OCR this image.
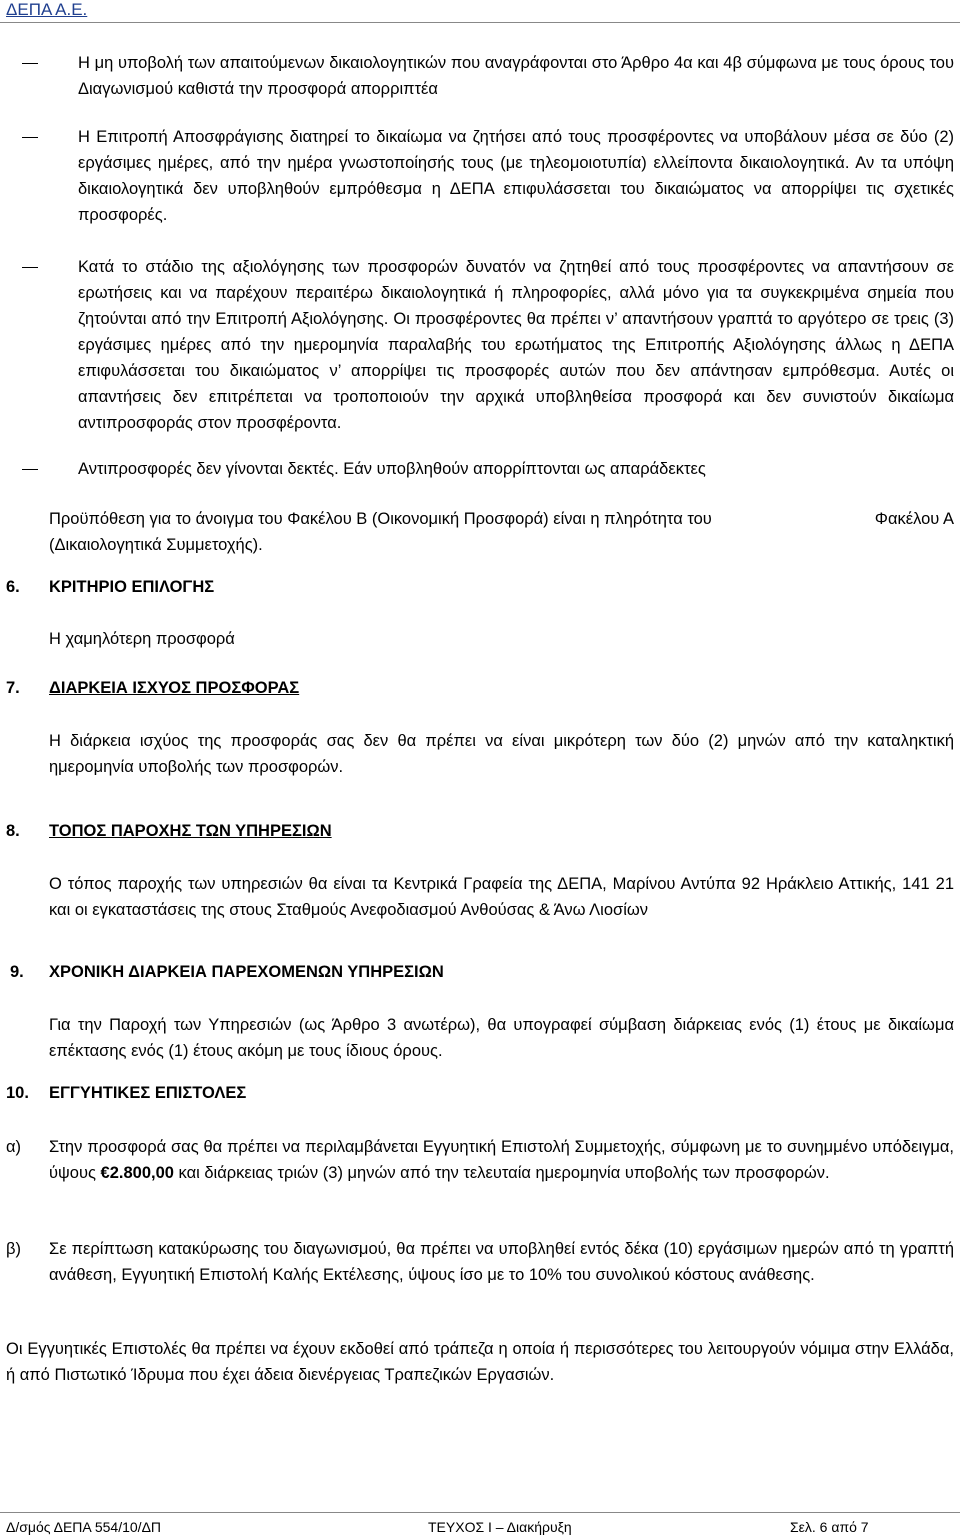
ΔΕΠΑ Α.Ε.
Η μη υποβολή των απαιτούμενων δικαιολογητικών που αναγράφονται στο Άρθρο 4α και 4β σύμφωνα με τους όρους του Διαγωνισμού καθιστά την προσφορά απορριπτέα
Η Επιτροπή Αποσφράγισης διατηρεί το δικαίωμα να ζητήσει από τους προσφέροντες να υποβάλουν μέσα σε δύο (2) εργάσιμες ημέρες, από την ημέρα γνωστοποίησής τους (με τηλεομοιοτυπία) ελλείποντα δικαιολογητικά. Αν τα υπόψη δικαιολογητικά δεν υποβληθούν εμπρόθεσμα η ΔΕΠΑ επιφυλάσσεται του δικαιώματος να απορρίψει τις σχετικές προσφορές.
Κατά το στάδιο της αξιολόγησης των προσφορών δυνατόν να ζητηθεί από τους προσφέροντες να απαντήσουν σε ερωτήσεις και να παρέχουν περαιτέρω δικαιολογητικά ή πληροφορίες, αλλά μόνο για τα συγκεκριμένα σημεία που ζητούνται από την Επιτροπή Αξιολόγησης. Οι προσφέροντες θα πρέπει ν’ απαντήσουν γραπτά το αργότερο σε τρεις (3) εργάσιμες ημέρες από την ημερομηνία παραλαβής του ερωτήματος της Επιτροπής Αξιολόγησης άλλως η ΔΕΠΑ επιφυλάσσεται του δικαιώματος ν’ απορρίψει τις προσφορές αυτών που δεν απάντησαν εμπρόθεσμα. Αυτές οι απαντήσεις δεν επιτρέπεται να τροποποιούν την αρχικά υποβληθείσα προσφορά και δεν συνιστούν δικαίωμα αντιπροσφοράς στον προσφέροντα.
Αντιπροσφορές δεν γίνονται δεκτές. Εάν υποβληθούν απορρίπτονται ως απαράδεκτες
Προϋπόθεση για το άνοιγμα του Φακέλου Β (Οικονομική Προσφορά) είναι η πληρότητα του	Φακέλου Α
(Δικαιολογητικά Συμμετοχής).
6. ΚΡΙΤΗΡΙΟ ΕΠΙΛΟΓΗΣ
Η χαμηλότερη προσφορά
7. ΔΙΑΡΚΕΙΑ ΙΣΧΥΟΣ ΠΡΟΣΦΟΡΑΣ
Η διάρκεια ισχύος της προσφοράς σας δεν θα πρέπει να είναι μικρότερη των δύο (2) μηνών από την καταληκτική ημερομηνία υποβολής των προσφορών.
8. ΤΟΠΟΣ ΠΑΡΟΧΗΣ ΤΩΝ ΥΠΗΡΕΣΙΩΝ
Ο τόπος παροχής των υπηρεσιών θα είναι τα Κεντρικά Γραφεία της ΔΕΠΑ, Μαρίνου Αντύπα 92 Ηράκλειο Αττικής, 141 21 και οι εγκαταστάσεις της στους Σταθμούς Ανεφοδιασμού Ανθούσας & Άνω Λιοσίων
9. ΧΡΟΝΙΚΗ ΔΙΑΡΚΕΙΑ ΠΑΡΕΧΟΜΕΝΩΝ ΥΠΗΡΕΣΙΩΝ
Για την Παροχή των Υπηρεσιών (ως Άρθρο 3 ανωτέρω), θα υπογραφεί σύμβαση διάρκειας ενός (1) έτους με δικαίωμα επέκτασης ενός (1) έτους ακόμη με τους ίδιους όρους.
10. ΕΓΓΥΗΤΙΚΕΣ ΕΠΙΣΤΟΛΕΣ
α) Στην προσφορά σας θα πρέπει να περιλαμβάνεται Εγγυητική Επιστολή Συμμετοχής, σύμφωνη με το συνημμένο υπόδειγμα, ύψους €2.800,00 και διάρκειας τριών (3) μηνών από την τελευταία ημερομηνία υποβολής των προσφορών.
β) Σε περίπτωση κατακύρωσης του διαγωνισμού, θα πρέπει να υποβληθεί εντός δέκα (10) εργάσιμων ημερών από τη γραπτή ανάθεση, Εγγυητική Επιστολή Καλής Εκτέλεσης, ύψους ίσο με το 10% του συνολικού κόστους ανάθεσης.
Οι Εγγυητικές Επιστολές θα πρέπει να έχουν εκδοθεί από τράπεζα η οποία ή περισσότερες του λειτουργούν νόμιμα στην Ελλάδα, ή από Πιστωτικό Ίδρυμα που έχει άδεια διενέργειας Τραπεζικών Εργασιών.
Δ/σμός ΔΕΠΑ 554/10/ΔΠ	ΤΕΥΧΟΣ Ι – Διακήρυξη	Σελ. 6 από 7
